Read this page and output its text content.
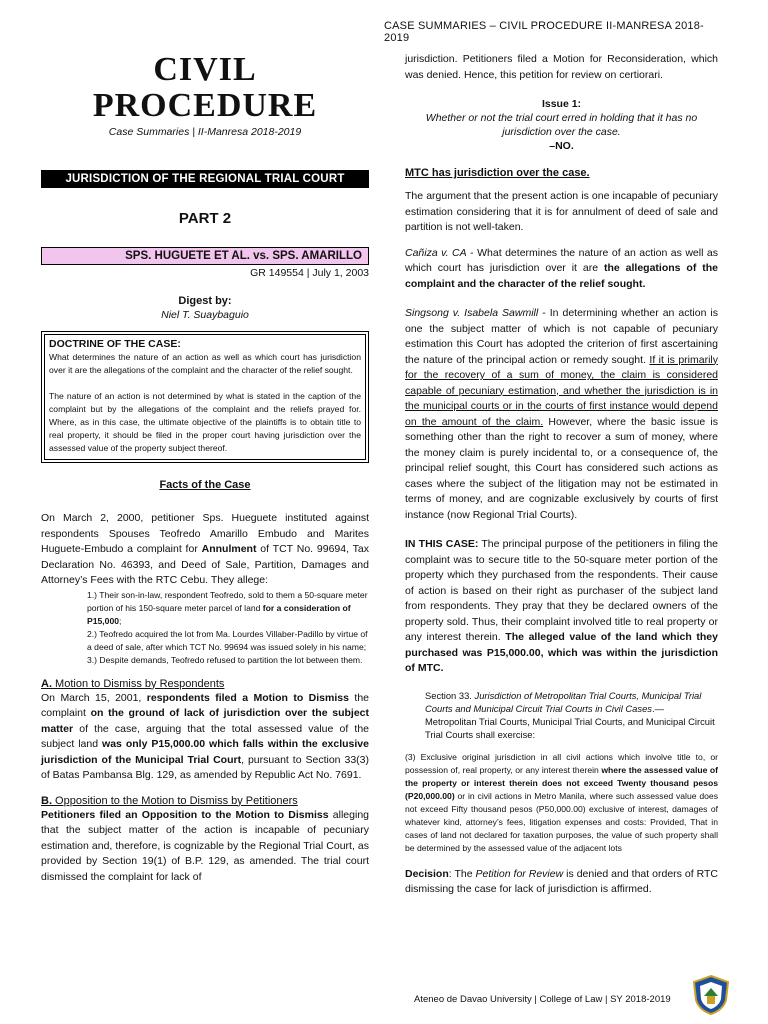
CASE SUMMARIES – CIVIL PROCEDURE II-MANRESA 2018-2019
CIVIL PROCEDURE
Case Summaries | II-Manresa 2018-2019
JURISDICTION OF THE REGIONAL TRIAL COURT
PART 2
SPS. HUGUETE ET AL. vs. SPS. AMARILLO
GR 149554 | July 1, 2003
Digest by:
Niel T. Suaybaguio
DOCTRINE OF THE CASE:

What determines the nature of an action as well as which court has jurisdiction over it are the allegations of the complaint and the character of the relief sought.

The nature of an action is not determined by what is stated in the caption of the complaint but by the allegations of the complaint and the reliefs prayed for. Where, as in this case, the ultimate objective of the plaintiffs is to obtain title to real property, it should be filed in the proper court having jurisdiction over the assessed value of the property subject thereof.

Facts of the Case

On March 2, 2000, petitioner Sps. Hueguete instituted against respondents Spouses Teofredo Amarillo Embudo and Marites Huguete-Embudo a complaint for Annulment of TCT No. 99694, Tax Declaration No. 46393, and Deed of Sale, Partition, Damages and Attorney’s Fees with the RTC Cebu. They allege:

1.) Their son-in-law, respondent Teofredo, sold to them a 50-square meter portion of his 150-square meter parcel of land for a consideration of P15,000;
2.) Teofredo acquired the lot from Ma. Lourdes Villaber-Padillo by virtue of a deed of sale, after which TCT No. 99694 was issued solely in his name;
3.) Despite demands, Teofredo refused to partition the lot between them.
A. Motion to Dismiss by Respondents

On March 15, 2001, respondents filed a Motion to Dismiss the complaint on the ground of lack of jurisdiction over the subject matter of the case, arguing that the total assessed value of the subject land was only P15,000.00 which falls within the exclusive jurisdiction of the Municipal Trial Court, pursuant to Section 33(3) of Batas Pambansa Blg. 129, as amended by Republic Act No. 7691.

B. Opposition to the Motion to Dismiss by Petitioners

Petitioners filed an Opposition to the Motion to Dismiss alleging that the subject matter of the action is incapable of pecuniary estimation and, therefore, is cognizable by the Regional Trial Court, as provided by Section 19(1) of B.P. 129, as amended. The trial court dismissed the complaint for lack of

jurisdiction. Petitioners filed a Motion for Reconsideration, which was denied. Hence, this petition for review on certiorari.

Issue 1:
Whether or not the trial court erred in holding that it has no jurisdiction over the case.
–NO.
MTC has jurisdiction over the case.

The argument that the present action is one incapable of pecuniary estimation considering that it is for annulment of deed of sale and partition is not well-taken.

Cañiza v. CA - What determines the nature of an action as well as which court has jurisdiction over it are the allegations of the complaint and the character of the relief sought.

Singsong v. Isabela Sawmill - In determining whether an action is one the subject matter of which is not capable of pecuniary estimation this Court has adopted the criterion of first ascertaining the nature of the principal action or remedy sought. If it is primarily for the recovery of a sum of money, the claim is considered capable of pecuniary estimation, and whether the jurisdiction is in the municipal courts or in the courts of first instance would depend on the amount of the claim. However, where the basic issue is something other than the right to recover a sum of money, where the money claim is purely incidental to, or a consequence of, the principal relief sought, this Court has considered such actions as cases where the subject of the litigation may not be estimated in terms of money, and are cognizable exclusively by courts of first instance (now Regional Trial Courts).

IN THIS CASE: The principal purpose of the petitioners in filing the complaint was to secure title to the 50-square meter portion of the property which they purchased from the respondents. Their cause of action is based on their right as purchaser of the subject land from respondents. They pray that they be declared owners of the property sold. Thus, their complaint involved title to real property or any interest therein. The alleged value of the land which they purchased was P15,000.00, which was within the jurisdiction of MTC.

Section 33. Jurisdiction of Metropolitan Trial Courts, Municipal Trial Courts and Municipal Circuit Trial Courts in Civil Cases.— Metropolitan Trial Courts, Municipal Trial Courts, and Municipal Circuit Trial Courts shall exercise:
(3) Exclusive original jurisdiction in all civil actions which involve title to, or possession of, real property, or any interest therein where the assessed value of the property or interest therein does not exceed Twenty thousand pesos (P20,000.00) or in civil actions in Metro Manila, where such assessed value does not exceed Fifty thousand pesos (P50,000.00) exclusive of interest, damages of whatever kind, attorney’s fees, litigation expenses and costs: Provided, That in cases of land not declared for taxation purposes, the value of such property shall be determined by the assessed value of the adjacent lots

Decision: The Petition for Review is denied and that orders of RTC dismissing the case for lack of jurisdiction is affirmed.

Ateneo de Davao University | College of Law | SY 2018-2019
